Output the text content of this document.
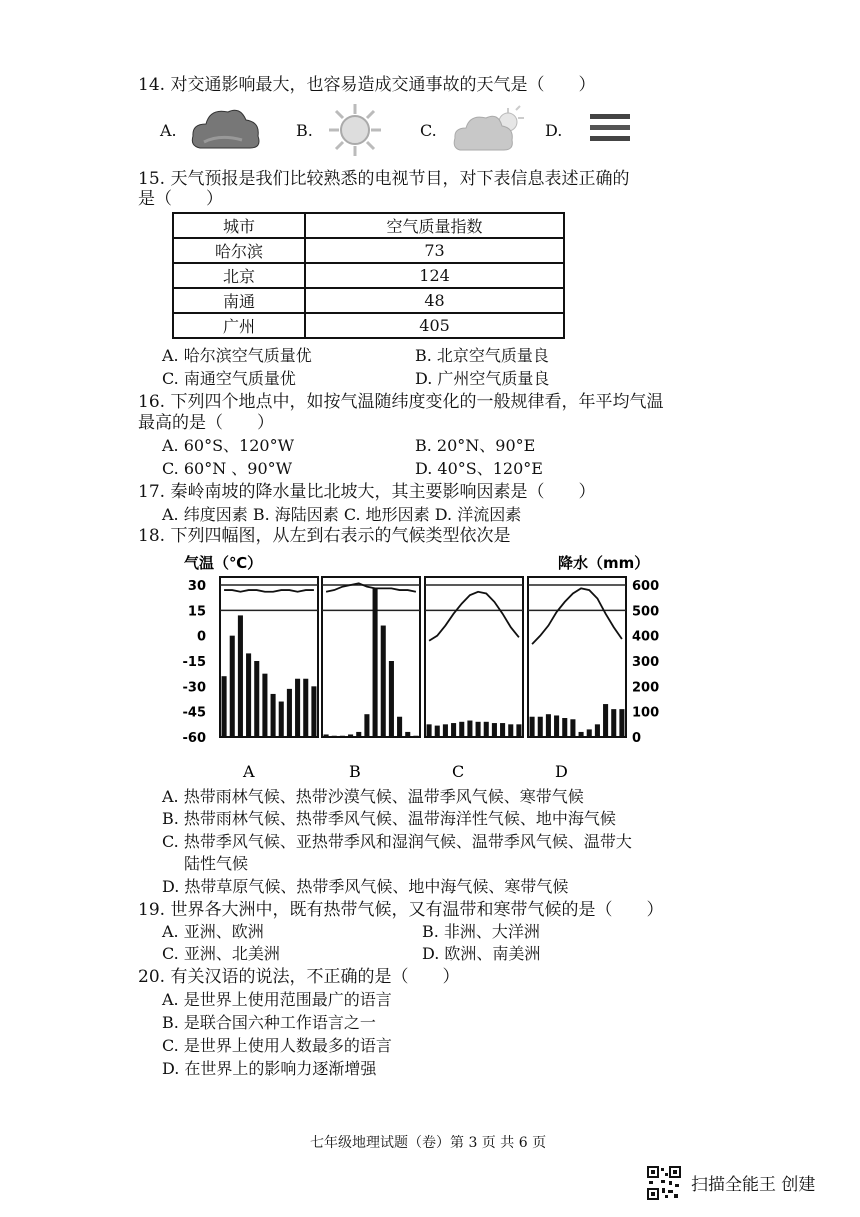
14. 对交通影响最大，也容易造成交通事故的天气是（　　）
A.	B.	C.	D.
15. 天气预报是我们比较熟悉的电视节目，对下表信息表述正确的
是（　　）
城市	空气质量指数
哈尔滨	73
北京	124
南通	48
广州	405
A. 哈尔滨空气质量优	B. 北京空气质量良
C. 南通空气质量优	D. 广州空气质量良
16. 下列四个地点中，如按气温随纬度变化的一般规律看，年平均气温
最高的是（　　）
A. 60°S、120°W	B. 20°N、90°E
C. 60°N 、90°W	D. 40°S、120°E
17. 秦岭南坡的降水量比北坡大，其主要影响因素是（　　）
A. 纬度因素 B. 海陆因素 C. 地形因素 D. 洋流因素
18. 下列四幅图，从左到右表示的气候类型依次是
气温（℃）	降水（mm）
30
15
0
-15
-30
-45
-60
600
500
400
300
200
100
0
A	B	C	D
A. 热带雨林气候、热带沙漠气候、温带季风气候、寒带气候
B. 热带雨林气候、热带季风气候、温带海洋性气候、地中海气候
C. 热带季风气候、亚热带季风和湿润气候、温带季风气候、温带大
陆性气候
D. 热带草原气候、热带季风气候、地中海气候、寒带气候
19. 世界各大洲中，既有热带气候，又有温带和寒带气候的是（　　）
A. 亚洲、欧洲	B. 非洲、大洋洲
C. 亚洲、北美洲	D. 欧洲、南美洲
20. 有关汉语的说法，不正确的是（　　）
A. 是世界上使用范围最广的语言
B. 是联合国六种工作语言之一
C. 是世界上使用人数最多的语言
D. 在世界上的影响力逐渐增强
七年级地理试题（卷）第 3 页 共 6 页
扫描全能王 创建
